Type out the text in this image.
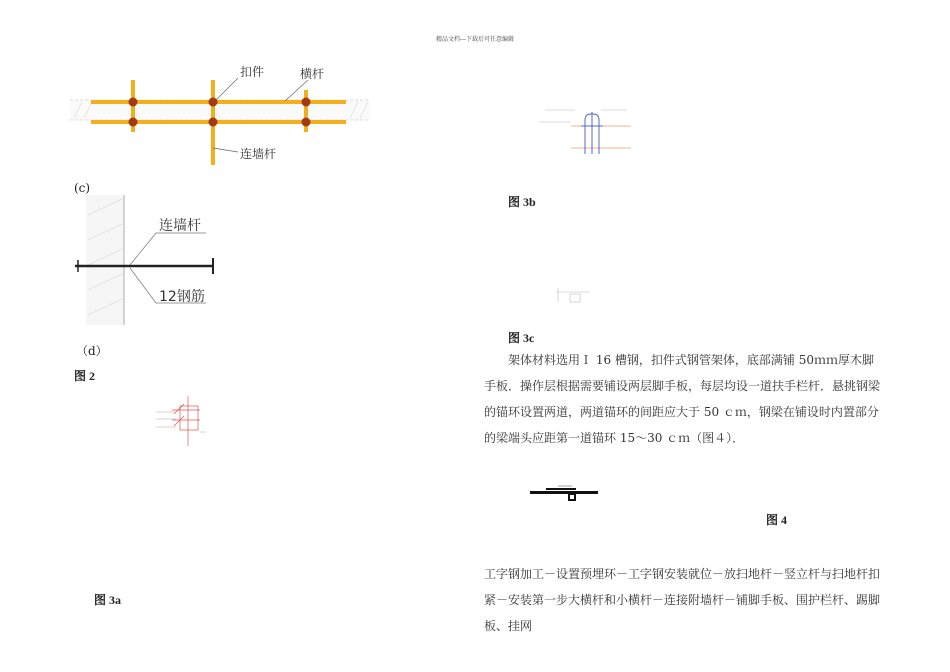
精品文档---下载后可任意编辑
扣件	横杆
连墙杆
(c)
连墙杆
12钢筋
（d）
图 2
图 3a
图 3b
图 3c

架体材料选用Ｉ 16 槽钢，扣件式钢管架体，底部满铺 50ｍｍ厚木脚手板．操作层根据需要铺设两层脚手板，每层均设一道扶手栏杆．悬挑钢梁的锚环设置两道，两道锚环的间距应大于 50 ｃｍ，钢梁在铺设时内置部分的梁端头应距第一道锚环 15～30 ｃｍ（图４）．

图 4

工字钢加工－设置预埋环－工字钢安装就位－放扫地杆－竖立杆与扫地杆扣紧－安装第一步大横杆和小横杆－连接附墙杆－铺脚手板、围护栏杆、踢脚板、挂网
